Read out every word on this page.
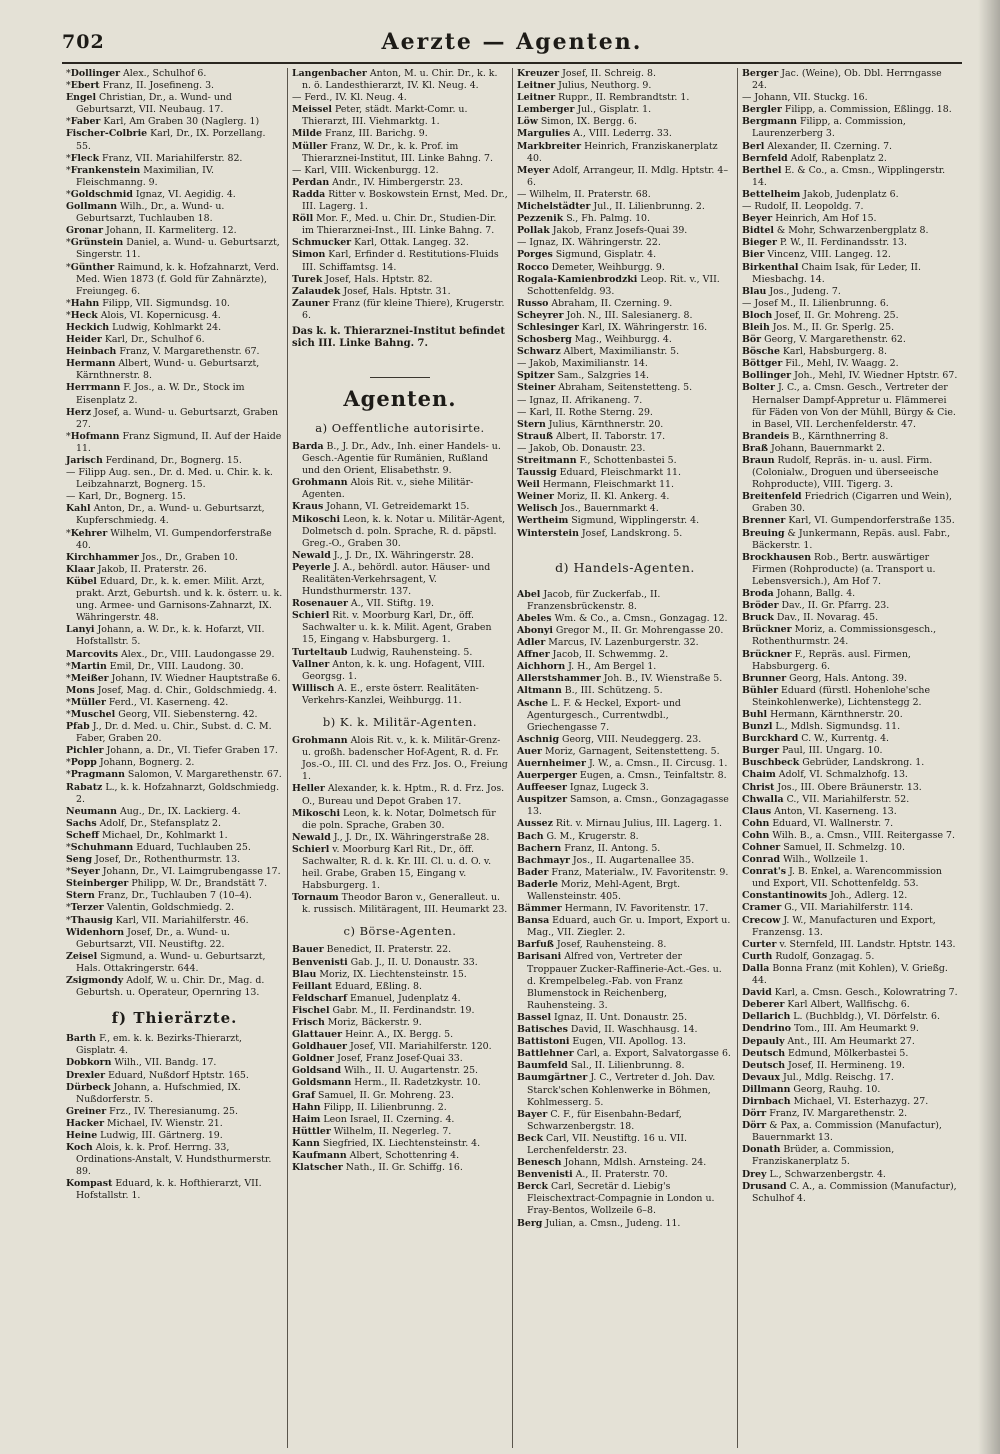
702	Aerzte — Agenten.
*Dollinger Alex., Schulhof 6.
*Ebert Franz, II. Josefineng. 3.
Engel Christian, Dr., a. Wund- und Geburtsarzt, VII. Neubaug. 17.
*Faber Karl, Am Graben 30 (Naglerg. 1)
Fischer-Colbrie Karl, Dr., IX. Porzellang. 55.
*Fleck Franz, VII. Mariahilferstr. 82.
*Frankenstein Maximilian, IV. Fleischmanng. 9.
*Goldschmid Ignaz, VI. Aegidig. 4.
Gollmann Wilh., Dr., a. Wund- u. Geburtsarzt, Tuchlauben 18.
Gronar Johann, II. Karmeliterg. 12.
*Grünstein Daniel, a. Wund- u. Geburtsarzt, Singerstr. 11.
*Günther Raimund, k. k. Hofzahnarzt, Verd. Med. Wien 1873 (f. Gold für Zahnärzte), Freiungeg. 6.
*Hahn Filipp, VII. Sigmundsg. 10.
*Heck Alois, VI. Kopernicusg. 4.
Heckich Ludwig, Kohlmarkt 24.
Heider Karl, Dr., Schulhof 6.
Heinbach Franz, V. Margarethenstr. 67.
Hermann Albert, Wund- u. Geburtsarzt, Kärnthnerstr. 8.
Herrmann F. Jos., a. W. Dr., Stock im Eisenplatz 2.
Herz Josef, a. Wund- u. Geburtsarzt, Graben 27.
*Hofmann Franz Sigmund, II. Auf der Haide 11.
Jarisch Ferdinand, Dr., Bognerg. 15.
— Filipp Aug. sen., Dr. d. Med. u. Chir. k. k. Leibzahnarzt, Bognerg. 15.
— Karl, Dr., Bognerg. 15.
Kahl Anton, Dr., a. Wund- u. Geburtsarzt, Kupferschmiedg. 4.
*Kehrer Wilhelm, VI. Gumpendorferstraße 40.
Kirchhammer Jos., Dr., Graben 10.
Klaar Jakob, II. Praterstr. 26.
Kübel Eduard, Dr., k. k. emer. Milit. Arzt, prakt. Arzt, Geburtsh. und k. k. österr. u. k. ung. Armee- und Garnisons-Zahnarzt, IX. Währingerstr. 48.
Lanyi Johann, a. W. Dr., k. k. Hofarzt, VII. Hofstallstr. 5.
Marcovits Alex., Dr., VIII. Laudongasse 29.
*Martin Emil, Dr., VIII. Laudong. 30.
*Meißer Johann, IV. Wiedner Hauptstraße 6.
Mons Josef, Mag. d. Chir., Goldschmiedg. 4.
*Müller Ferd., VI. Kaserneng. 42.
*Muschel Georg, VII. Siebensterng. 42.
Pfab J., Dr. d. Med. u. Chir., Subst. d. C. M. Faber, Graben 20.
Pichler Johann, a. Dr., VI. Tiefer Graben 17.
*Popp Johann, Bognerg. 2.
*Pragmann Salomon, V. Margarethenstr. 67.
Rabatz L., k. k. Hofzahnarzt, Goldschmiedg. 2.
Neumann Aug., Dr., IX. Lackierg. 4.
Sachs Adolf, Dr., Stefansplatz 2.
Scheff Michael, Dr., Kohlmarkt 1.
*Schuhmann Eduard, Tuchlauben 25.
Seng Josef, Dr., Rothenthurmstr. 13.
*Seyer Johann, Dr., VI. Laimgrubengasse 17.
Steinberger Philipp, W. Dr., Brandstätt 7.
Stern Franz, Dr., Tuchlauben 7 (10–4).
*Terzer Valentin, Goldschmiedg. 2.
*Thausig Karl, VII. Mariahilferstr. 46.
Widenhorn Josef, Dr., a. Wund- u. Geburtsarzt, VII. Neustiftg. 22.
Zeisel Sigmund, a. Wund- u. Geburtsarzt, Hals. Ottakringerstr. 644.
Zsigmondy Adolf, W. u. Chir. Dr., Mag. d. Geburtsh. u. Operateur, Opernring 13.
f) Thierärzte.
Barth F., em. k. k. Bezirks-Thierarzt, Gisplatr. 4.
Dobkorn Wilh., VII. Bandg. 17.
Drexler Eduard, Nußdorf Hptstr. 165.
Dürbeck Johann, a. Hufschmied, IX. Nußdorferstr. 5.
Greiner Frz., IV. Theresianumg. 25.
Hacker Michael, IV. Wienstr. 21.
Heine Ludwig, III. Gärtnerg. 19.
Koch Alois, k. k. Prof. Herrng. 33, Ordinations-Anstalt, V. Hundsthurmerstr. 89.
Kompast Eduard, k. k. Hofthierarzt, VII. Hofstallstr. 1.
Langenbacher Anton, M. u. Chir. Dr., k. k. n. ö. Landesthierarzt, IV. Kl. Neug. 4.
— Ferd., IV. Kl. Neug. 4.
Meissel Peter, städt. Markt-Comr. u. Thierarzt, III. Viehmarktg. 1.
Milde Franz, III. Barichg. 9.
Müller Franz, W. Dr., k. k. Prof. im Thierarznei-Institut, III. Linke Bahng. 7.
— Karl, VIII. Wickenburgg. 12.
Perdan Andr., IV. Himbergerstr. 23.
Radda Ritter v. Boskowstein Ernst, Med. Dr., III. Lagerg. 1.
Röll Mor. F., Med. u. Chir. Dr., Studien-Dir. im Thierarznei-Inst., III. Linke Bahng. 7.
Schmucker Karl, Ottak. Langeg. 32.
Simon Karl, Erfinder d. Restitutions-Fluids III. Schiffamtsg. 14.
Turek Josef, Hals. Hptstr. 82.
Zalaudek Josef, Hals. Hptstr. 31.
Zauner Franz (für kleine Thiere), Krugerstr. 6.
Das k. k. Thierarznei-Institut befindet sich III. Linke Bahng. 7.
Agenten.
a) Oeffentliche autorisirte.
Barda B., J. Dr., Adv., Inh. einer Handels- u. Gesch.-Agentie für Rumänien, Rußland und den Orient, Elisabethstr. 9.
Grohmann Alois Rit. v., siehe Militär-Agenten.
Kraus Johann, VI. Getreidemarkt 15.
Mikoschi Leon, k. k. Notar u. Militär-Agent, Dolmetsch d. poln. Sprache, R. d. päpstl. Greg.-O., Graben 30.
Newald J., J. Dr., IX. Währingerstr. 28.
Peyerle J. A., behördl. autor. Häuser- und Realitäten-Verkehrsagent, V. Hundsthurmerstr. 137.
Rosenauer A., VII. Stiftg. 19.
Schierl Rit. v. Moorburg Karl, Dr., öff. Sachwalter u. k. k. Milit. Agent, Graben 15, Eingang v. Habsburgerg. 1.
Turteltaub Ludwig, Rauhensteing. 5.
Vallner Anton, k. k. ung. Hofagent, VIII. Georgsg. 1.
Willisch A. E., erste österr. Realitäten-Verkehrs-Kanzlei, Weihburgg. 11.
b) K. k. Militär-Agenten.
Grohmann Alois Rit. v., k. k. Militär-Grenz- u. großh. badenscher Hof-Agent, R. d. Fr. Jos.-O., III. Cl. und des Frz. Jos. O., Freiung 1.
Heller Alexander, k. k. Hptm., R. d. Frz. Jos. O., Bureau und Depot Graben 17.
Mikoschi Leon, k. k. Notar, Dolmetsch für die poln. Sprache, Graben 30.
Newald J., J. Dr., IX. Währingerstraße 28.
Schierl v. Moorburg Karl Rit., Dr., öff. Sachwalter, R. d. k. Kr. III. Cl. u. d. O. v. heil. Grabe, Graben 15, Eingang v. Habsburgerg. 1.
Tornaum Theodor Baron v., Generalleut. u. k. russisch. Militäragent, III. Heumarkt 23.
c) Börse-Agenten.
Bauer Benedict, II. Praterstr. 22.
Benvenisti Gab. J., II. U. Donaustr. 33.
Blau Moriz, IX. Liechtensteinstr. 15.
Feillant Eduard, Eßling. 8.
Feldscharf Emanuel, Judenplatz 4.
Fischel Gabr. M., II. Ferdinandstr. 19.
Frisch Moriz, Bäckerstr. 9.
Glattauer Heinr. A., IX. Bergg. 5.
Goldhauer Josef, VII. Mariahilferstr. 120.
Goldner Josef, Franz Josef-Quai 33.
Goldsand Wilh., II. U. Augartenstr. 25.
Goldsmann Herm., II. Radetzkystr. 10.
Graf Samuel, II. Gr. Mohreng. 23.
Hahn Filipp, II. Lilienbrunng. 2.
Haim Leon Israel, II. Czerning. 4.
Hüttler Wilhelm, II. Negerleg. 7.
Kann Siegfried, IX. Liechtensteinstr. 4.
Kaufmann Albert, Schottenring 4.
Klatscher Nath., II. Gr. Schiffg. 16.
Kreuzer Josef, II. Schreig. 8.
Leitner Julius, Neuthorg. 9.
Leitner Ruppr., II. Rembrandtstr. 1.
Lemberger Jul., Gisplatr. 1.
Löw Simon, IX. Bergg. 6.
Margulies A., VIII. Lederrg. 33.
Markbreiter Heinrich, Franziskanerplatz 40.
Meyer Adolf, Arrangeur, II. Mdlg. Hptstr. 4–6.
— Wilhelm, II. Praterstr. 68.
Michelstädter Jul., II. Lilienbrunng. 2.
Pezzenik S., Fh. Palmg. 10.
Pollak Jakob, Franz Josefs-Quai 39.
— Ignaz, IX. Währingerstr. 22.
Porges Sigmund, Gisplatr. 4.
Rocco Demeter, Weihburgg. 9.
Rogala-Kamienbrodzki Leop. Rit. v., VII. Schottenfeldg. 93.
Russo Abraham, II. Czerning. 9.
Scheyrer Joh. N., III. Salesianerg. 8.
Schlesinger Karl, IX. Währingerstr. 16.
Schosberg Mag., Weihburgg. 4.
Schwarz Albert, Maximilianstr. 5.
— Jakob, Maximilianstr. 14.
Spitzer Sam., Salzgries 14.
Steiner Abraham, Seitenstetteng. 5.
— Ignaz, II. Afrikaneng. 7.
— Karl, II. Rothe Sterng. 29.
Stern Julius, Kärnthnerstr. 20.
Strauß Albert, II. Taborstr. 17.
— Jakob, Ob. Donaustr. 23.
Streitmann F., Schottenbastei 5.
Taussig Eduard, Fleischmarkt 11.
Weil Hermann, Fleischmarkt 11.
Weiner Moriz, II. Kl. Ankerg. 4.
Welisch Jos., Bauernmarkt 4.
Wertheim Sigmund, Wipplingerstr. 4.
Winterstein Josef, Landskrong. 5.
d) Handels-Agenten.
Abel Jacob, für Zuckerfab., II. Franzensbrückenstr. 8.
Abeles Wm. & Co., a. Cmsn., Gonzagag. 12.
Abonyi Gregor M., II. Gr. Mohrengasse 20.
Adler Marcus, IV. Lazenburgerstr. 32.
Affner Jacob, II. Schwemmg. 2.
Aichhorn J. H., Am Bergel 1.
Allerstshammer Joh. B., IV. Wienstraße 5.
Altmann B., III. Schützeng. 5.
Asche L. F. & Heckel, Export- und Agenturgesch., Currentwdbl., Griechengasse 7.
Aschnig Georg, VIII. Neudeggerg. 23.
Auer Moriz, Garnagent, Seitenstetteng. 5.
Auernheimer J. W., a. Cmsn., II. Circusg. 1.
Auerperger Eugen, a. Cmsn., Teinfaltstr. 8.
Auffeeser Ignaz, Lugeck 3.
Auspitzer Samson, a. Cmsn., Gonzagagasse 13.
Aussez Rit. v. Mirnau Julius, III. Lagerg. 1.
Bach G. M., Krugerstr. 8.
Bachern Franz, II. Antong. 5.
Bachmayr Jos., II. Augartenallee 35.
Bader Franz, Materialw., IV. Favoritenstr. 9.
Baderle Moriz, Mehl-Agent, Brgt. Wallensteinstr. 405.
Bämmer Hermann, IV. Favoritenstr. 17.
Bansa Eduard, auch Gr. u. Import, Export u. Mag., VII. Ziegler. 2.
Barfuß Josef, Rauhensteing. 8.
Barisani Alfred von, Vertreter der Troppauer Zucker-Raffinerie-Act.-Ges. u. d. Krempelbeleg.-Fab. von Franz Blumenstock in Reichenberg, Rauhensteing. 3.
Bassel Ignaz, II. Unt. Donaustr. 25.
Batisches David, II. Waschhausg. 14.
Battistoni Eugen, VII. Apollog. 13.
Battlehner Carl, a. Export, Salvatorgasse 6.
Baumfeld Sal., II. Lilienbrunng. 8.
Baumgärtner J. C., Vertreter d. Joh. Dav. Starck'schen Kohlenwerke in Böhmen, Kohlmesserg. 5.
Bayer C. F., für Eisenbahn-Bedarf, Schwarzenbergstr. 18.
Beck Carl, VII. Neustiftg. 16 u. VII. Lerchenfelderstr. 23.
Benesch Johann, Mdlsh. Arnsteing. 24.
Benvenisti A., II. Praterstr. 70.
Berck Carl, Secretär d. Liebig's Fleischextract-Compagnie in London u. Fray-Bentos, Wollzeile 6–8.
Berg Julian, a. Cmsn., Judeng. 11.
Berger Jac. (Weine), Ob. Dbl. Herrngasse 24.
— Johann, VII. Stuckg. 16.
Bergler Filipp, a. Commission, Eßlingg. 18.
Bergmann Filipp, a. Commission, Laurenzerberg 3.
Berl Alexander, II. Czerning. 7.
Bernfeld Adolf, Rabenplatz 2.
Berthel E. & Co., a. Cmsn., Wipplingerstr. 14.
Bettelheim Jakob, Judenplatz 6.
— Rudolf, II. Leopoldg. 7.
Beyer Heinrich, Am Hof 15.
Bidtel & Mohr, Schwarzenbergplatz 8.
Bieger P. W., II. Ferdinandsstr. 13.
Bier Vincenz, VIII. Langeg. 12.
Birkenthal Chaim Isak, für Leder, II. Miesbachg. 14.
Blau Jos., Judeng. 7.
— Josef M., II. Lilienbrunng. 6.
Bloch Josef, II. Gr. Mohreng. 25.
Bleih Jos. M., II. Gr. Sperlg. 25.
Bör Georg, V. Margarethenstr. 62.
Bösche Karl, Habsburgerg. 8.
Böttger Fil., Mehl, IV. Waagg. 2.
Bollinger Joh., Mehl, IV. Wiedner Hptstr. 67.
Bolter J. C., a. Cmsn. Gesch., Vertreter der Hernalser Dampf-Appretur u. Flämmerei für Fäden von Von der Mühll, Bürgy & Cie. in Basel, VII. Lerchenfelderstr. 47.
Brandeis B., Kärnthnerring 8.
Braß Johann, Bauernmarkt 2.
Braun Rudolf, Repräs. in- u. ausl. Firm. (Colonialw., Droguen und überseeische Rohproducte), VIII. Tigerg. 3.
Breitenfeld Friedrich (Cigarren und Wein), Graben 30.
Brenner Karl, VI. Gumpendorferstraße 135.
Breuing & Junkermann, Repäs. ausl. Fabr., Bäckerstr. 1.
Brockhausen Rob., Bertr. auswärtiger Firmen (Rohproducte) (a. Transport u. Lebensversich.), Am Hof 7.
Broda Johann, Ballg. 4.
Bröder Dav., II. Gr. Pfarrg. 23.
Bruck Dav., II. Novarag. 45.
Brückner Moriz, a. Commissionsgesch., Rothenthurmstr. 24.
Brückner F., Repräs. ausl. Firmen, Habsburgerg. 6.
Brunner Georg, Hals. Antong. 39.
Bühler Eduard (fürstl. Hohenlohe'sche Steinkohlenwerke), Lichtenstegg 2.
Buhl Hermann, Kärnthnerstr. 20.
Bunzl L., Mdlsh. Sigmundsg. 11.
Burckhard C. W., Kurrentg. 4.
Burger Paul, III. Ungarg. 10.
Buschbeck Gebrüder, Landskrong. 1.
Chaim Adolf, VI. Schmalzhofg. 13.
Christ Jos., III. Obere Bräunerstr. 13.
Chwalla C., VII. Mariahilferstr. 52.
Claus Anton, VI. Kaserneng. 13.
Cohn Eduard, VI. Wallnerstr. 7.
Cohn Wilh. B., a. Cmsn., VIII. Reitergasse 7.
Cohner Samuel, II. Schmelzg. 10.
Conrad Wilh., Wollzeile 1.
Conrat's J. B. Enkel, a. Warencommission und Export, VII. Schottenfeldg. 53.
Constantinowits Joh., Adlerg. 12.
Cramer G., VII. Mariahilferstr. 114.
Crecow J. W., Manufacturen und Export, Franzensg. 13.
Curter v. Sternfeld, III. Landstr. Hptstr. 143.
Curth Rudolf, Gonzagag. 5.
Dalla Bonna Franz (mit Kohlen), V. Grießg. 44.
David Karl, a. Cmsn. Gesch., Kolowratring 7.
Deberer Karl Albert, Wallfischg. 6.
Dellarich L. (Buchbldg.), VI. Dörfelstr. 6.
Dendrino Tom., III. Am Heumarkt 9.
Depauly Ant., III. Am Heumarkt 27.
Deutsch Edmund, Mölkerbastei 5.
Deutsch Josef, II. Hermineng. 19.
Devaux Jul., Mdlg. Reischg. 17.
Dillmann Georg, Rauhg. 10.
Dirnbach Michael, VI. Esterhazyg. 27.
Dörr Franz, IV. Margarethenstr. 2.
Dörr & Pax, a. Commission (Manufactur), Bauernmarkt 13.
Donath Brüder, a. Commission, Franziskanerplatz 5.
Drey L., Schwarzenbergstr. 4.
Drusand C. A., a. Commission (Manufactur), Schulhof 4.
